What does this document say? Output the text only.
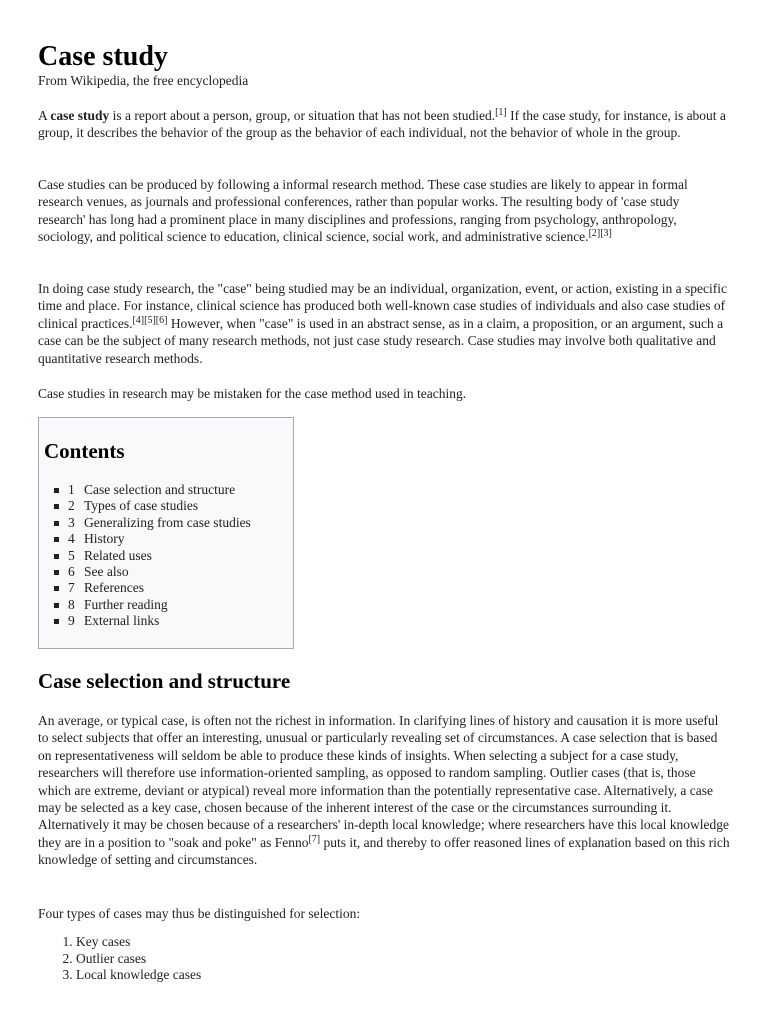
Case study
From Wikipedia, the free encyclopedia

A case study is a report about a person, group, or situation that has not been studied.[1] If the case study, for instance, is about a group, it describes the behavior of the group as the behavior of each individual, not the behavior of whole in the group.

Case studies can be produced by following a informal research method. These case studies are likely to appear in formal research venues, as journals and professional conferences, rather than popular works. The resulting body of 'case study research' has long had a prominent place in many disciplines and professions, ranging from psychology, anthropology, sociology, and political science to education, clinical science, social work, and administrative science.[2][3]

In doing case study research, the "case" being studied may be an individual, organization, event, or action, existing in a specific time and place. For instance, clinical science has produced both well-known case studies of individuals and also case studies of clinical practices.[4][5][6] However, when "case" is used in an abstract sense, as in a claim, a proposition, or an argument, such a case can be the subject of many research methods, not just case study research. Case studies may involve both qualitative and quantitative research methods.

Case studies in research may be mistaken for the case method used in teaching.

Contents
1 Case selection and structure
2 Types of case studies
3 Generalizing from case studies
4 History
5 Related uses
6 See also
7 References
8 Further reading
9 External links
Case selection and structure

An average, or typical case, is often not the richest in information. In clarifying lines of history and causation it is more useful to select subjects that offer an interesting, unusual or particularly revealing set of circumstances. A case selection that is based on representativeness will seldom be able to produce these kinds of insights. When selecting a subject for a case study, researchers will therefore use information-oriented sampling, as opposed to random sampling. Outlier cases (that is, those which are extreme, deviant or atypical) reveal more information than the potentially representative case. Alternatively, a case may be selected as a key case, chosen because of the inherent interest of the case or the circumstances surrounding it. Alternatively it may be chosen because of a researchers' in-depth local knowledge; where researchers have this local knowledge they are in a position to "soak and poke" as Fenno[7] puts it, and thereby to offer reasoned lines of explanation based on this rich knowledge of setting and circumstances.

Four types of cases may thus be distinguished for selection:

1. Key cases
2. Outlier cases
3. Local knowledge cases
